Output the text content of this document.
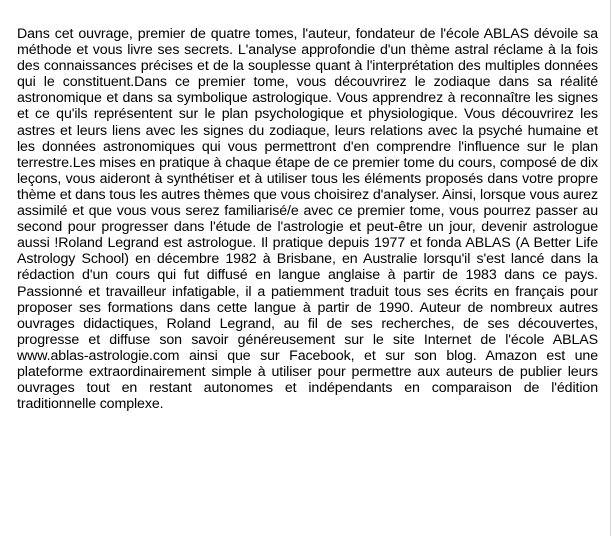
Dans cet ouvrage, premier de quatre tomes, l'auteur, fondateur de l'école ABLAS dévoile sa méthode et vous livre ses secrets. L'analyse approfondie d'un thème astral réclame à la fois des connaissances précises et de la souplesse quant à l'interprétation des multiples données qui le constituent.Dans ce premier tome, vous découvrirez le zodiaque dans sa réalité astronomique et dans sa symbolique astrologique. Vous apprendrez à reconnaître les signes et ce qu'ils représentent sur le plan psychologique et physiologique. Vous découvrirez les astres et leurs liens avec les signes du zodiaque, leurs relations avec la psyché humaine et les données astronomiques qui vous permettront d'en comprendre l'influence sur le plan terrestre.Les mises en pratique à chaque étape de ce premier tome du cours, composé de dix leçons, vous aideront à synthétiser et à utiliser tous les éléments proposés dans votre propre thème et dans tous les autres thèmes que vous choisirez d'analyser. Ainsi, lorsque vous aurez assimilé et que vous vous serez familiarisé/e avec ce premier tome, vous pourrez passer au second pour progresser dans l'étude de l'astrologie et peut-être un jour, devenir astrologue aussi !Roland Legrand est astrologue. Il pratique depuis 1977 et fonda ABLAS (A Better Life Astrology School) en décembre 1982 à Brisbane, en Australie lorsqu'il s'est lancé dans la rédaction d'un cours qui fut diffusé en langue anglaise à partir de 1983 dans ce pays. Passionné et travailleur infatigable, il a patiemment traduit tous ses écrits en français pour proposer ses formations dans cette langue à partir de 1990. Auteur de nombreux autres ouvrages didactiques, Roland Legrand, au fil de ses recherches, de ses découvertes, progresse et diffuse son savoir généreusement sur le site Internet de l'école ABLAS www.ablas-astrologie.com ainsi que sur Facebook, et sur son blog. Amazon est une plateforme extraordinairement simple à utiliser pour permettre aux auteurs de publier leurs ouvrages tout en restant autonomes et indépendants en comparaison de l'édition traditionnelle complexe.
